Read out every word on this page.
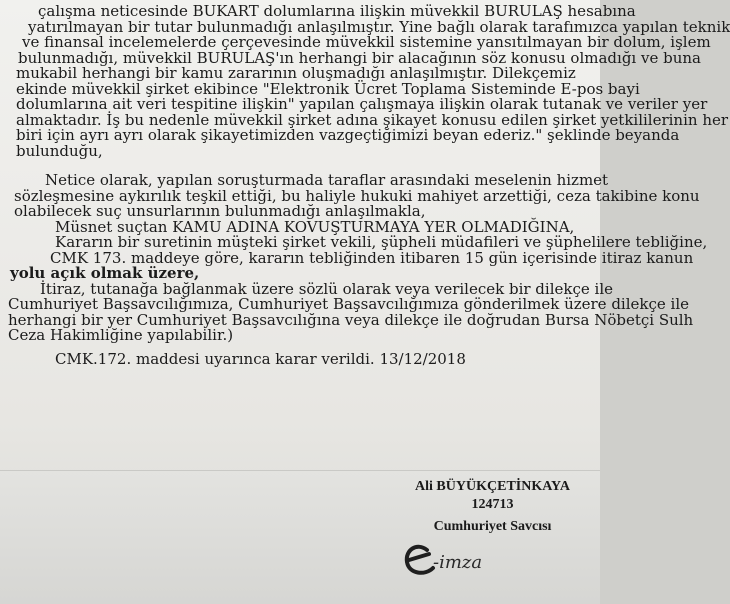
çalışma neticesinde BUKART dolumlarına ilişkin müvekkil BURULAŞ hesabına
yatırılmayan bir tutar bulunmadığı anlaşılmıştır. Yine bağlı olarak tarafımızca yapılan teknik
ve finansal incelemelerde çerçevesinde müvekkil sistemine yansıtılmayan bir dolum, işlem
bulunmadığı, müvekkil BURULAŞ'ın herhangi bir alacağının söz konusu olmadığı ve buna
mukabil herhangi bir kamu zararının oluşmadığı anlaşılmıştır. Dilekçemiz
ekinde müvekkil şirket ekibince "Elektronik Ücret Toplama Sisteminde E-pos bayi
dolumlarına ait veri tespitine ilişkin" yapılan çalışmaya ilişkin olarak tutanak ve veriler yer
almaktadır. İş bu nedenle müvekkil şirket adına şikayet konusu edilen şirket yetkililerinin her
biri için ayrı ayrı olarak şikayetimizden vazgeçtiğimizi beyan ederiz." şeklinde beyanda
bulunduğu,
Netice olarak, yapılan soruşturmada taraflar arasındaki meselenin hizmet
sözleşmesine aykırılık teşkil ettiği, bu haliyle hukuki mahiyet arzettiği, ceza takibine konu
olabilecek suç unsurlarının bulunmadığı anlaşılmakla,
Müsnet suçtan KAMU ADINA KOVUŞTURMAYA YER OLMADIĞINA,
Kararın bir suretinin müşteki şirket vekili, şüpheli müdafileri ve şüphelilere tebliğine,
CMK 173. maddeye göre, kararın tebliğinden itibaren 15 gün içerisinde itiraz kanun
yolu açık olmak üzere,
İtiraz, tutanağa bağlanmak üzere sözlü olarak veya verilecek bir dilekçe ile
Cumhuriyet Başsavcılığımıza, Cumhuriyet Başsavcılığımıza gönderilmek üzere dilekçe ile
herhangi bir yer Cumhuriyet Başsavcılığına veya dilekçe ile doğrudan Bursa Nöbetçi Sulh
Ceza Hakimliğine yapılabilir.)
CMK.172. maddesi uyarınca karar verildi. 13/12/2018
Ali BÜYÜKÇETİNKAYA
124713
Cumhuriyet Savcısı
-imza
